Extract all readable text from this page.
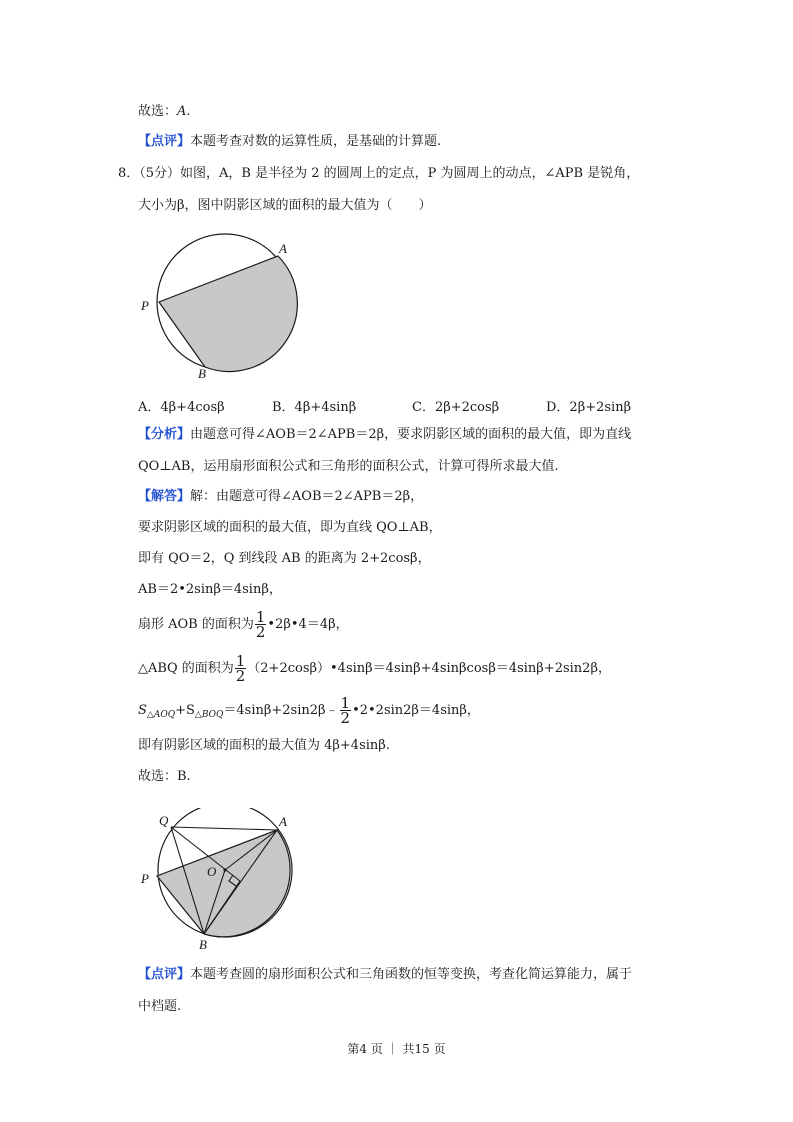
故选：A.
【点评】本题考查对数的运算性质，是基础的计算题.
8．（5分）如图，A，B 是半径为 2 的圆周上的定点，P 为圆周上的动点，∠APB 是锐角，
大小为β，图中阴影区域的面积的最大值为（　　）
A
P
B
A．4β+4cosβ	B．4β+4sinβ	C．2β+2cosβ	D．2β+2sinβ
【分析】由题意可得∠AOB＝2∠APB＝2β，要求阴影区域的面积的最大值，即为直线
QO⊥AB，运用扇形面积公式和三角形的面积公式，计算可得所求最大值.
【解答】解：由题意可得∠AOB＝2∠APB＝2β，
要求阴影区域的面积的最大值，即为直线 QO⊥AB，
即有 QO＝2，Q 到线段 AB 的距离为 2+2cosβ，
AB＝2•2sinβ＝4sinβ，
扇形 AOB 的面积为 $\frac{1}{2}$ •2β•4＝4β，
△ABQ 的面积为 $\frac{1}{2}$ （2+2cosβ）•4sinβ＝4sinβ+4sinβcosβ＝4sinβ+2sin2β，
$S_{\triangle AOQ}+S_{\triangle BOQ}=4\sin\beta+2\sin 2\beta﹣ \frac{1}{2}$ •2•2sin2β＝4sinβ，
即有阴影区域的面积的最大值为 4β+4sinβ.
故选：B.
Q	A
P	O
B
【点评】本题考查圆的扇形面积公式和三角函数的恒等变换，考查化简运算能力，属于
中档题.
第4 页 ｜ 共15 页
